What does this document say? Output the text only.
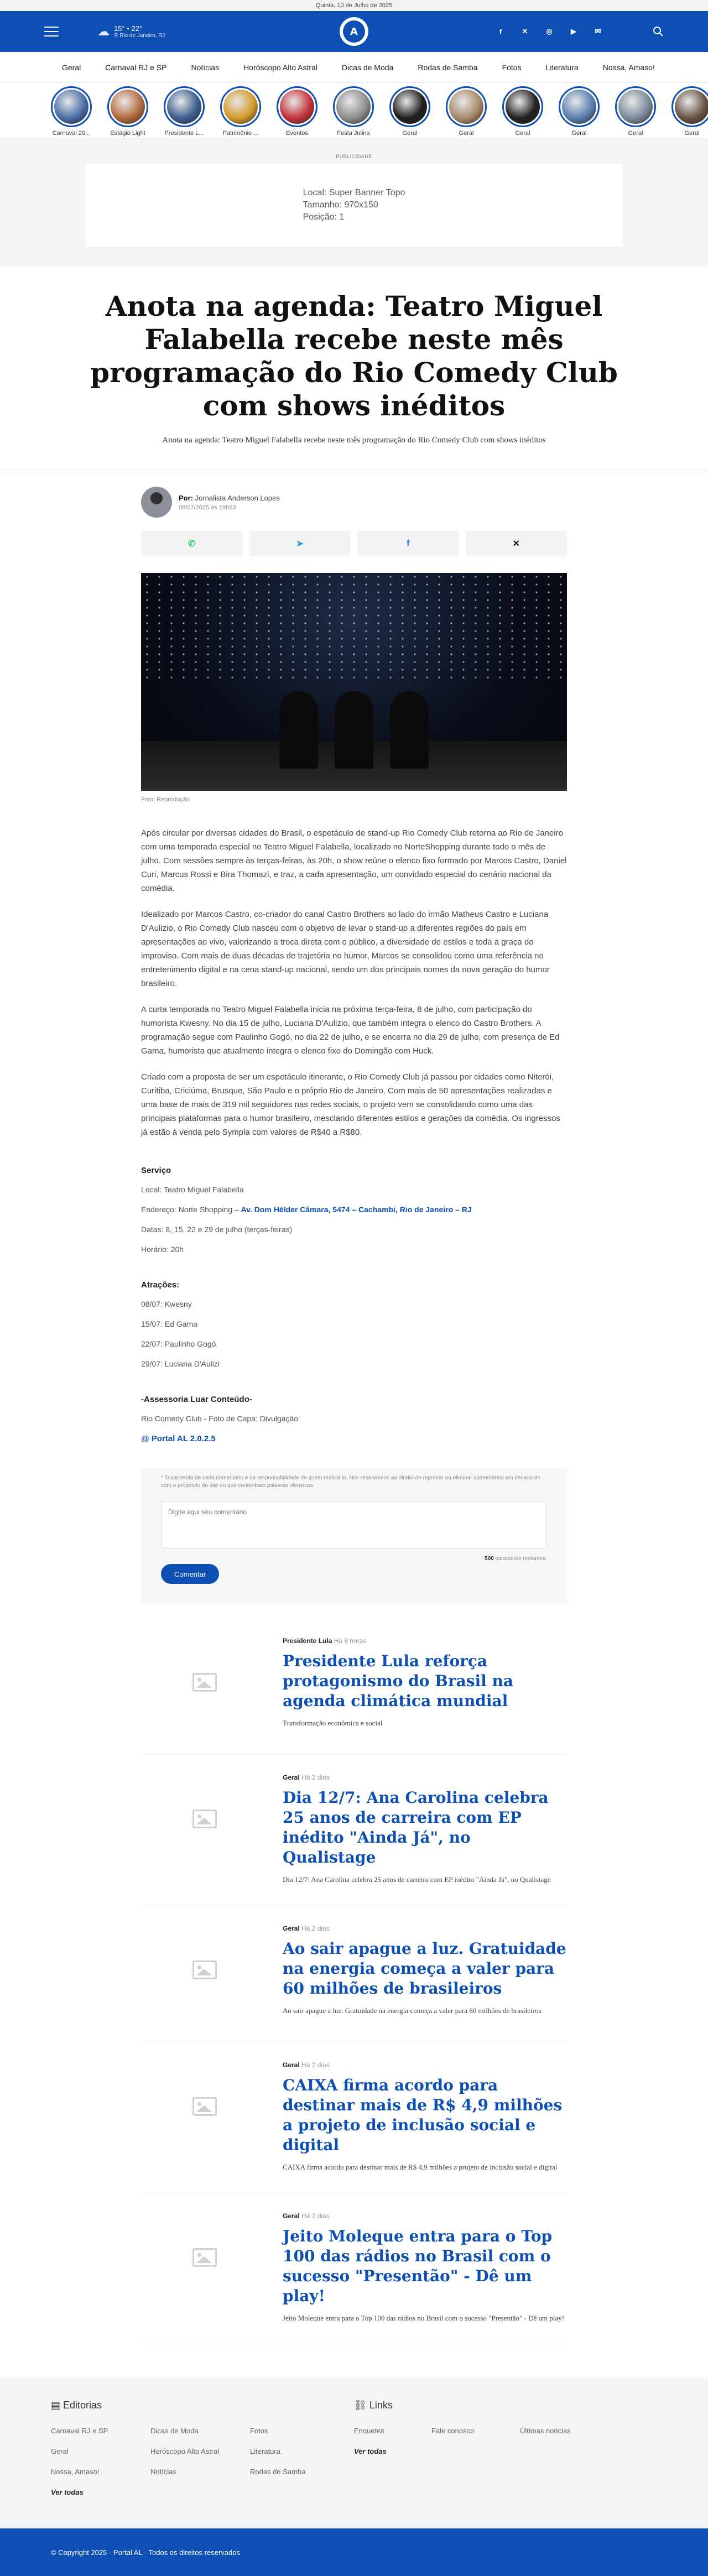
Quinta, 10 de Julho de 2025
☁ 15° • 22°
⚲ Rio de Janeiro, RJ	A	f	✕	◎	▶	✉
Geral	Carnaval RJ e SP	Notícias	Horóscopo Alto Astral	Dicas de Moda	Rodas de Samba	Fotos	Literatura	Nossa, Amaso!
Carnaval 20...	Estágio Light	Presidente L...	Patrimônio ...	Eventos	Festa Julina	Geral	Geral	Geral	Geral	Geral	Geral
PUBLICIDADE
Local: Super Banner Topo
Tamanho: 970x150
Posição: 1
Anota na agenda: Teatro Miguel Falabella recebe neste mês programação do Rio Comedy Club com shows inéditos
Anota na agenda: Teatro Miguel Falabella recebe neste mês programação do Rio Comedy Club com shows inéditos
Por: Jornalista Anderson Lopes
08/07/2025 às 19h53
✆	➤	f	✕
Foto: Reprodução

Após circular por diversas cidades do Brasil, o espetáculo de stand-up Rio Comedy Club retorna ao Rio de Janeiro com uma temporada especial no Teatro Miguel Falabella, localizado no NorteShopping durante todo o mês de julho. Com sessões sempre às terças-feiras, às 20h, o show reúne o elenco fixo formado por Marcos Castro, Daniel Curi, Marcus Rossi e Bira Thomazi, e traz, a cada apresentação, um convidado especial do cenário nacional da comédia.

Idealizado por Marcos Castro, co-criador do canal Castro Brothers ao lado do irmão Matheus Castro e Luciana D'Aulizio, o Rio Comedy Club nasceu com o objetivo de levar o stand-up a diferentes regiões do país em apresentações ao vivo, valorizando a troca direta com o público, a diversidade de estilos e toda a graça do improviso. Com mais de duas décadas de trajetória no humor, Marcos se consolidou como uma referência no entretenimento digital e na cena stand-up nacional, sendo um dos principais nomes da nova geração do humor brasileiro.

A curta temporada no Teatro Miguel Falabella inicia na próxima terça-feira, 8 de julho, com participação do humorista Kwesny. No dia 15 de julho, Luciana D'Aulizio, que também integra o elenco do Castro Brothers. A programação segue com Paulinho Gogó, no dia 22 de julho, e se encerra no dia 29 de julho, com presença de Ed Gama, humorista que atualmente integra o elenco fixo do Domingão com Huck.

Criado com a proposta de ser um espetáculo itinerante, o Rio Comedy Club já passou por cidades como Niterói, Curitiba, Criciúma, Brusque, São Paulo e o próprio Rio de Janeiro. Com mais de 50 apresentações realizadas e uma base de mais de 319 mil seguidores nas redes sociais, o projeto vem se consolidando como uma das principais plataformas para o humor brasileiro, mesclando diferentes estilos e gerações da comédia. Os ingressos já estão à venda pelo Sympla com valores de R$40 a R$80.

Serviço
Local: Teatro Miguel Falabella
Endereço: Norte Shopping – Av. Dom Hélder Câmara, 5474 – Cachambi, Rio de Janeiro – RJ
Datas: 8, 15, 22 e 29 de julho (terças-feiras)
Horário: 20h
Atrações:
08/07: Kwesny
15/07: Ed Gama
22/07: Paulinho Gogó
29/07: Luciana D'Aulizi
-Assessoria Luar Conteúdo-
Rio Comedy Club - Foto de Capa: Divulgação
@ Portal AL 2.0.2.5
* O conteúdo de cada comentário é de responsabilidade de quem realizá-lo. Nos reservamos ao direito de reprovar ou eliminar comentários em desacordo com o propósito do site ou que contenham palavras ofensivas.
Digite aqui seu comentário
500 caracteres restantes.
Comentar
Presidente Lula Há 8 horas
Presidente Lula reforça protagonismo do Brasil na agenda climática mundial
Transformação econômica e social
Geral Há 2 dias
Dia 12/7: Ana Carolina celebra 25 anos de carreira com EP inédito "Ainda Já", no Qualistage
Dia 12/7: Ana Carolina celebra 25 anos de carreira com EP inédito "Ainda Já", no Qualistage
Geral Há 2 dias
Ao sair apague a luz. Gratuidade na energia começa a valer para 60 milhões de brasileiros
Ao sair apague a luz. Gratuidade na energia começa a valer para 60 milhões de brasileiros
Geral Há 2 dias
CAIXA firma acordo para destinar mais de R$ 4,9 milhões a projeto de inclusão social e digital
CAIXA firma acordo para destinar mais de R$ 4,9 milhões a projeto de inclusão social e digital
Geral Há 2 dias
Jeito Moleque entra para o Top 100 das rádios no Brasil com o sucesso "Presentão" - Dê um play!
Jeito Moleque entra para o Top 100 das rádios no Brasil com o sucesso "Presentão" - Dê um play!
▤ Editorias
Carnaval RJ e SP	Dicas de Moda	Fotos
Geral	Horóscopo Alto Astral	Literatura
Nossa, Amaso!	Notícias	Rodas de Samba
Ver todas
⛓ Links
Enquetes	Fale conosco	Últimas notícias
Ver todas
© Copyright 2025 - Portal AL - Todos os direitos reservados
